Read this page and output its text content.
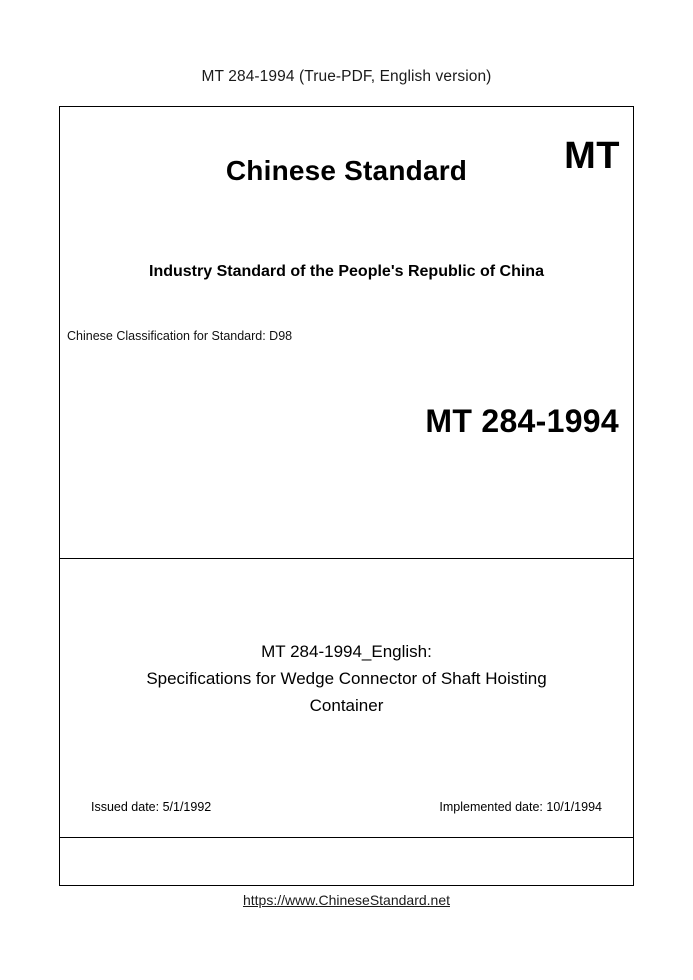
MT 284-1994 (True-PDF, English version)
Chinese Standard	MT
Industry Standard of the People's Republic of China
Chinese Classification for Standard: D98
MT 284-1994
MT 284-1994_English:
Specifications for Wedge Connector of Shaft Hoisting
Container
Issued date: 5/1/1992	Implemented date: 10/1/1994
https://www.ChineseStandard.net
